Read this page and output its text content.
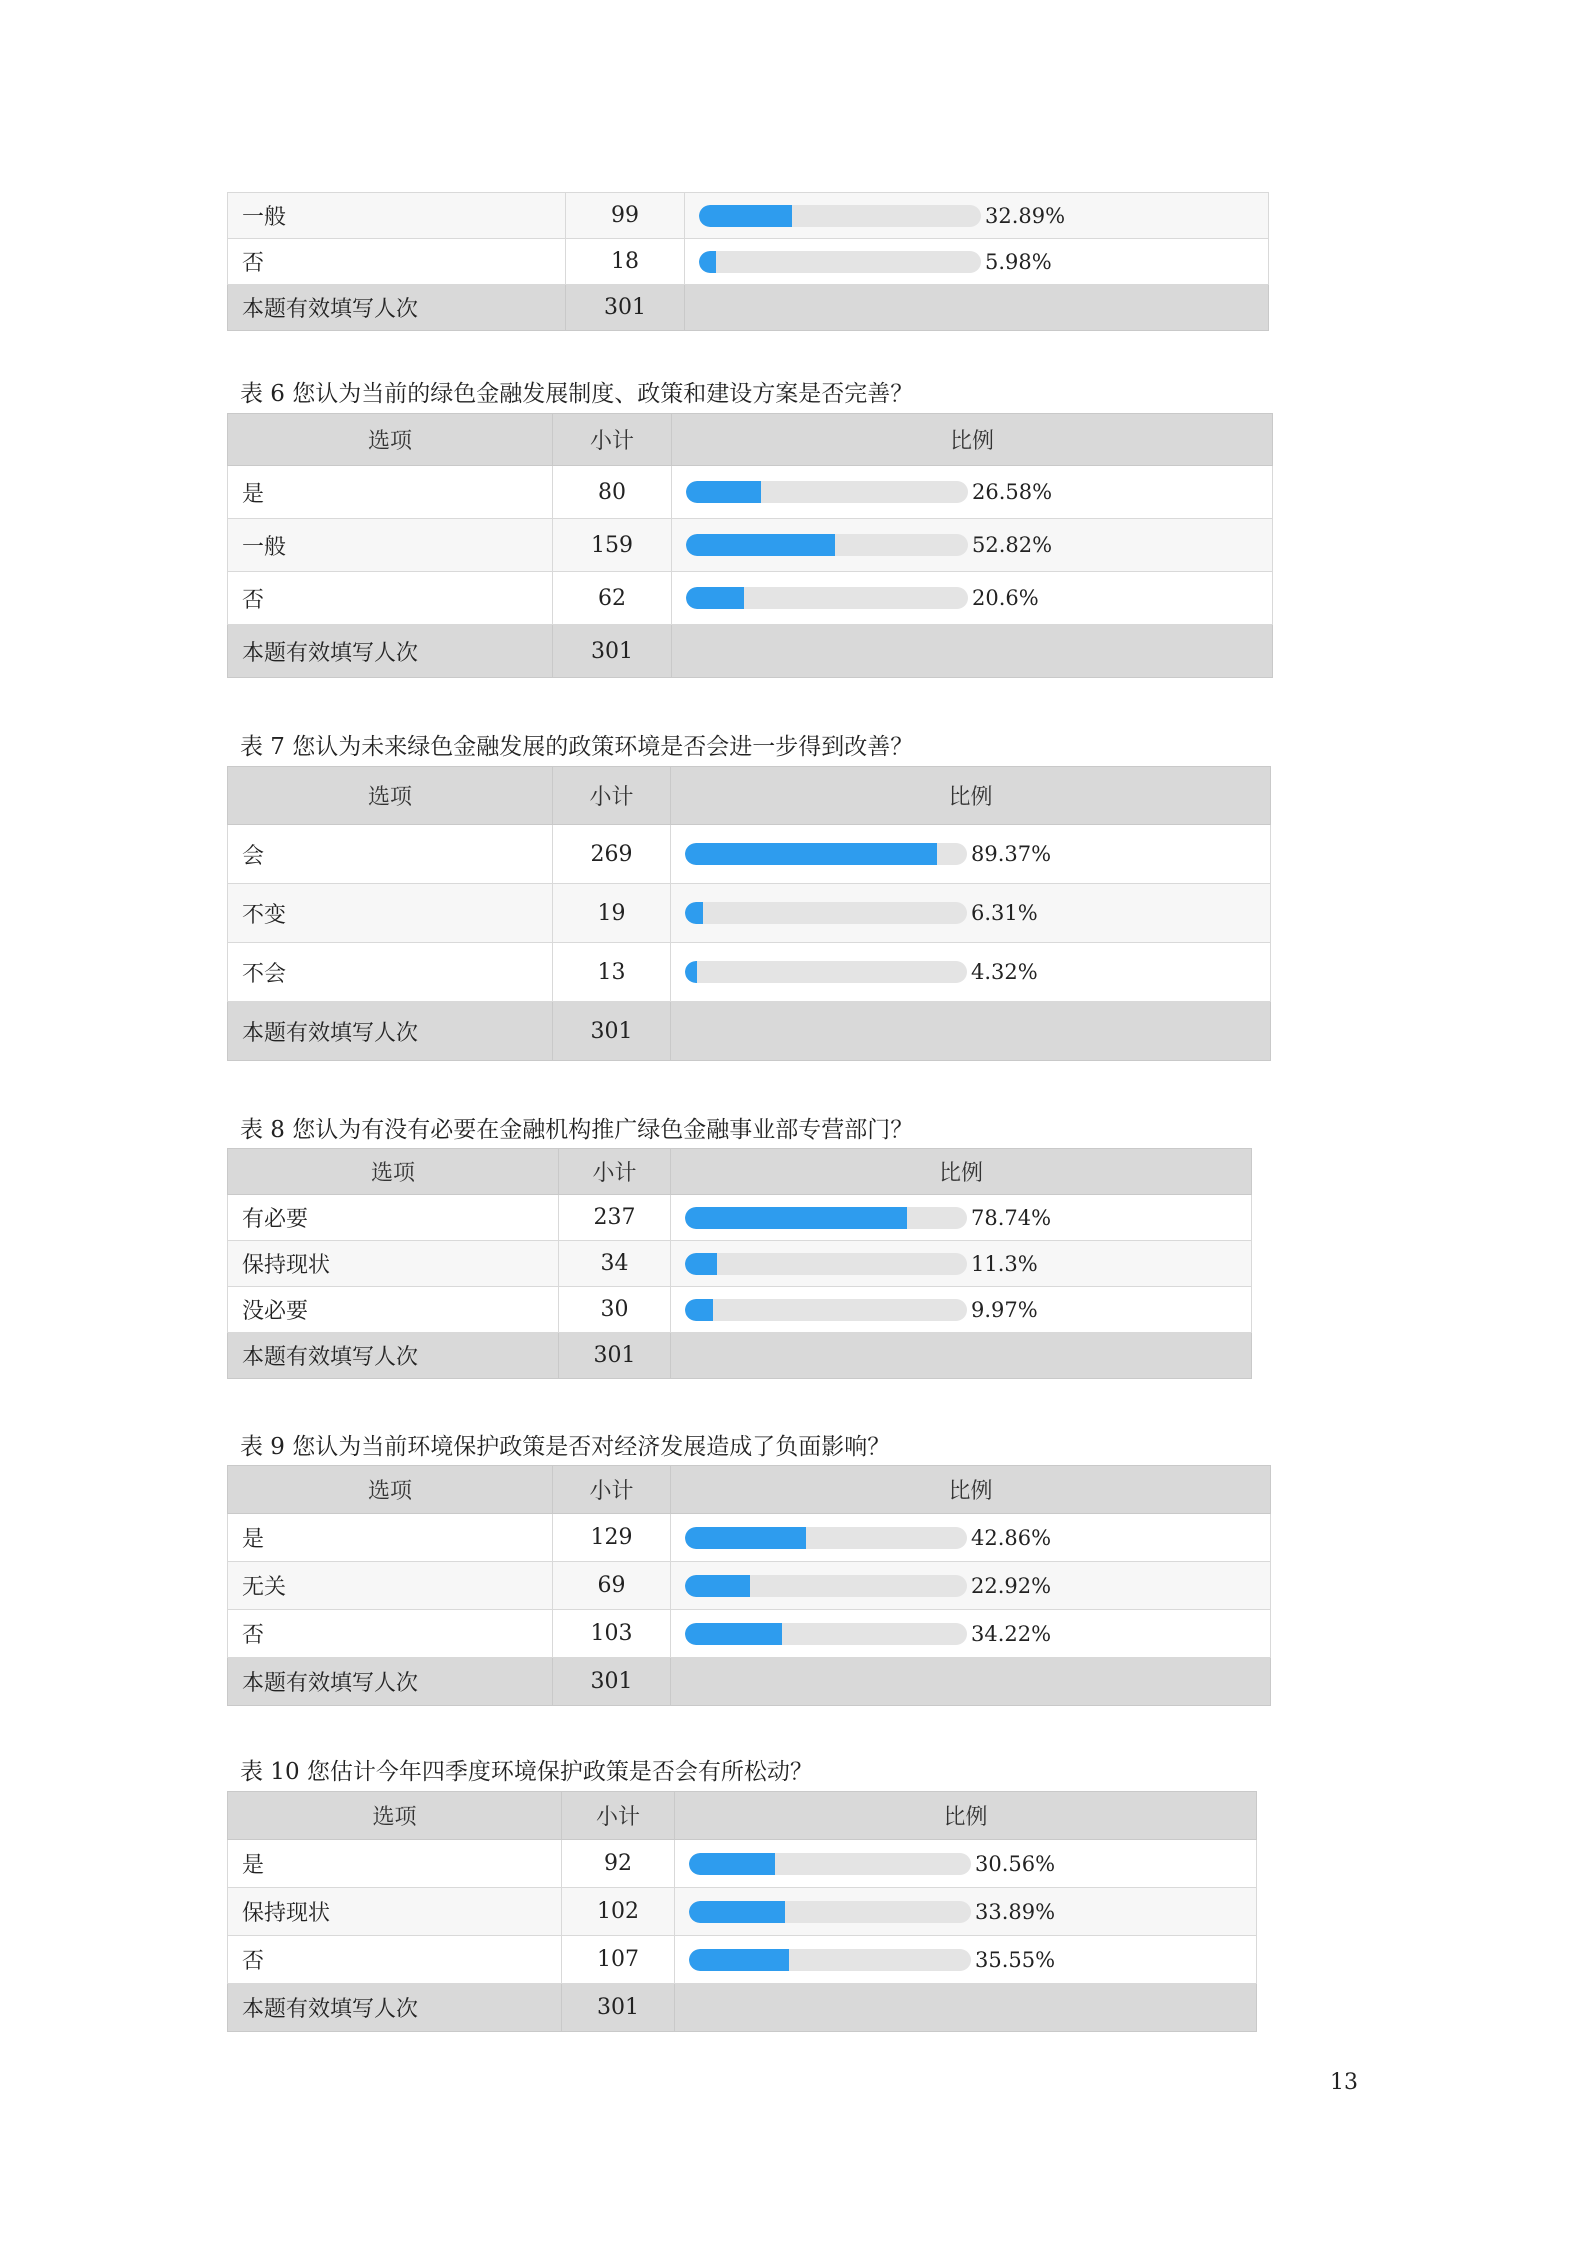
一般	99	32.89%

否	18	5.98%

本题有效填写人次	301	
表 6 您认为当前的绿色金融发展制度、政策和建设方案是否完善？
选项	小计	比例
是	80	26.58%

一般	159	52.82%

否	62	20.6%

本题有效填写人次	301	
表 7 您认为未来绿色金融发展的政策环境是否会进一步得到改善？
选项	小计	比例
会	269	89.37%

不变	19	6.31%

不会	13	4.32%

本题有效填写人次	301	
表 8 您认为有没有必要在金融机构推广绿色金融事业部专营部门？
选项	小计	比例
有必要	237	78.74%

保持现状	34	11.3%

没必要	30	9.97%

本题有效填写人次	301	
表 9 您认为当前环境保护政策是否对经济发展造成了负面影响？
选项	小计	比例
是	129	42.86%

无关	69	22.92%

否	103	34.22%

本题有效填写人次	301	
表 10 您估计今年四季度环境保护政策是否会有所松动？
选项	小计	比例
是	92	30.56%

保持现状	102	33.89%

否	107	35.55%

本题有效填写人次	301	
13
